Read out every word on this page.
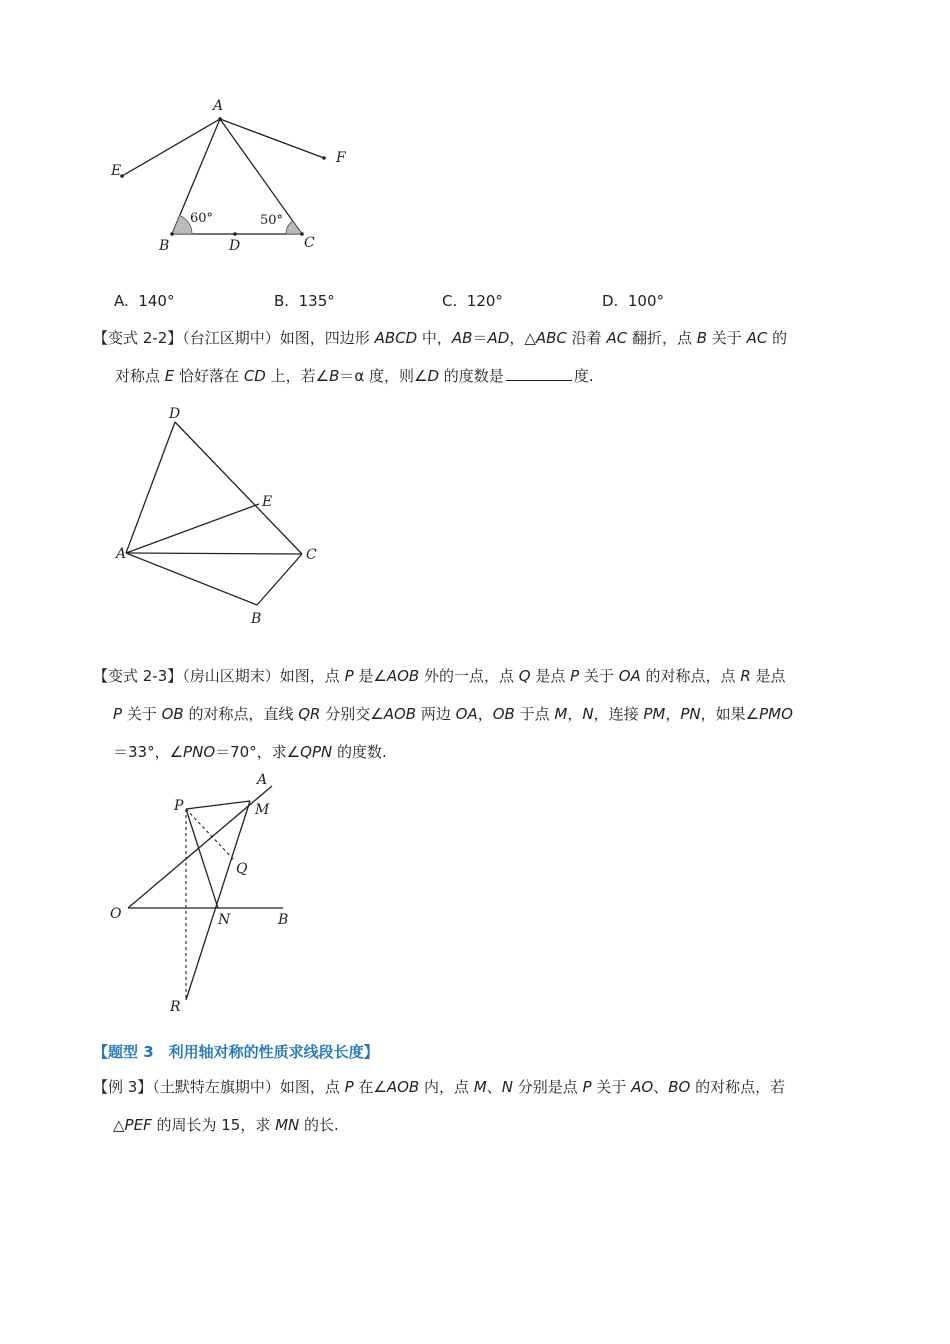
A
E
F
B	D	C
60°	50°
A. 140°	B. 135°	C. 120°	D. 100°
【变式 2-2】（台江区期中）如图，四边形 ABCD 中，AB＝AD，△ABC 沿着 AC 翻折，点 B 关于 AC 的
对称点 E 恰好落在 CD 上，若∠B＝α 度，则∠D 的度数是	度.
D
E
A	C
B
【变式 2-3】（房山区期末）如图，点 P 是∠AOB 外的一点，点 Q 是点 P 关于 OA 的对称点，点 R 是点
P 关于 OB 的对称点，直线 QR 分别交∠AOB 两边 OA，OB 于点 M，N，连接 PM，PN，如果∠PMO
＝33°，∠PNO＝70°，求∠QPN 的度数.
A
P	M
Q
O	N	B
R
【题型 3　利用轴对称的性质求线段长度】
【例 3】（土默特左旗期中）如图，点 P 在∠AOB 内，点 M、N 分别是点 P 关于 AO、BO 的对称点，若
△PEF 的周长为 15，求 MN 的长.
